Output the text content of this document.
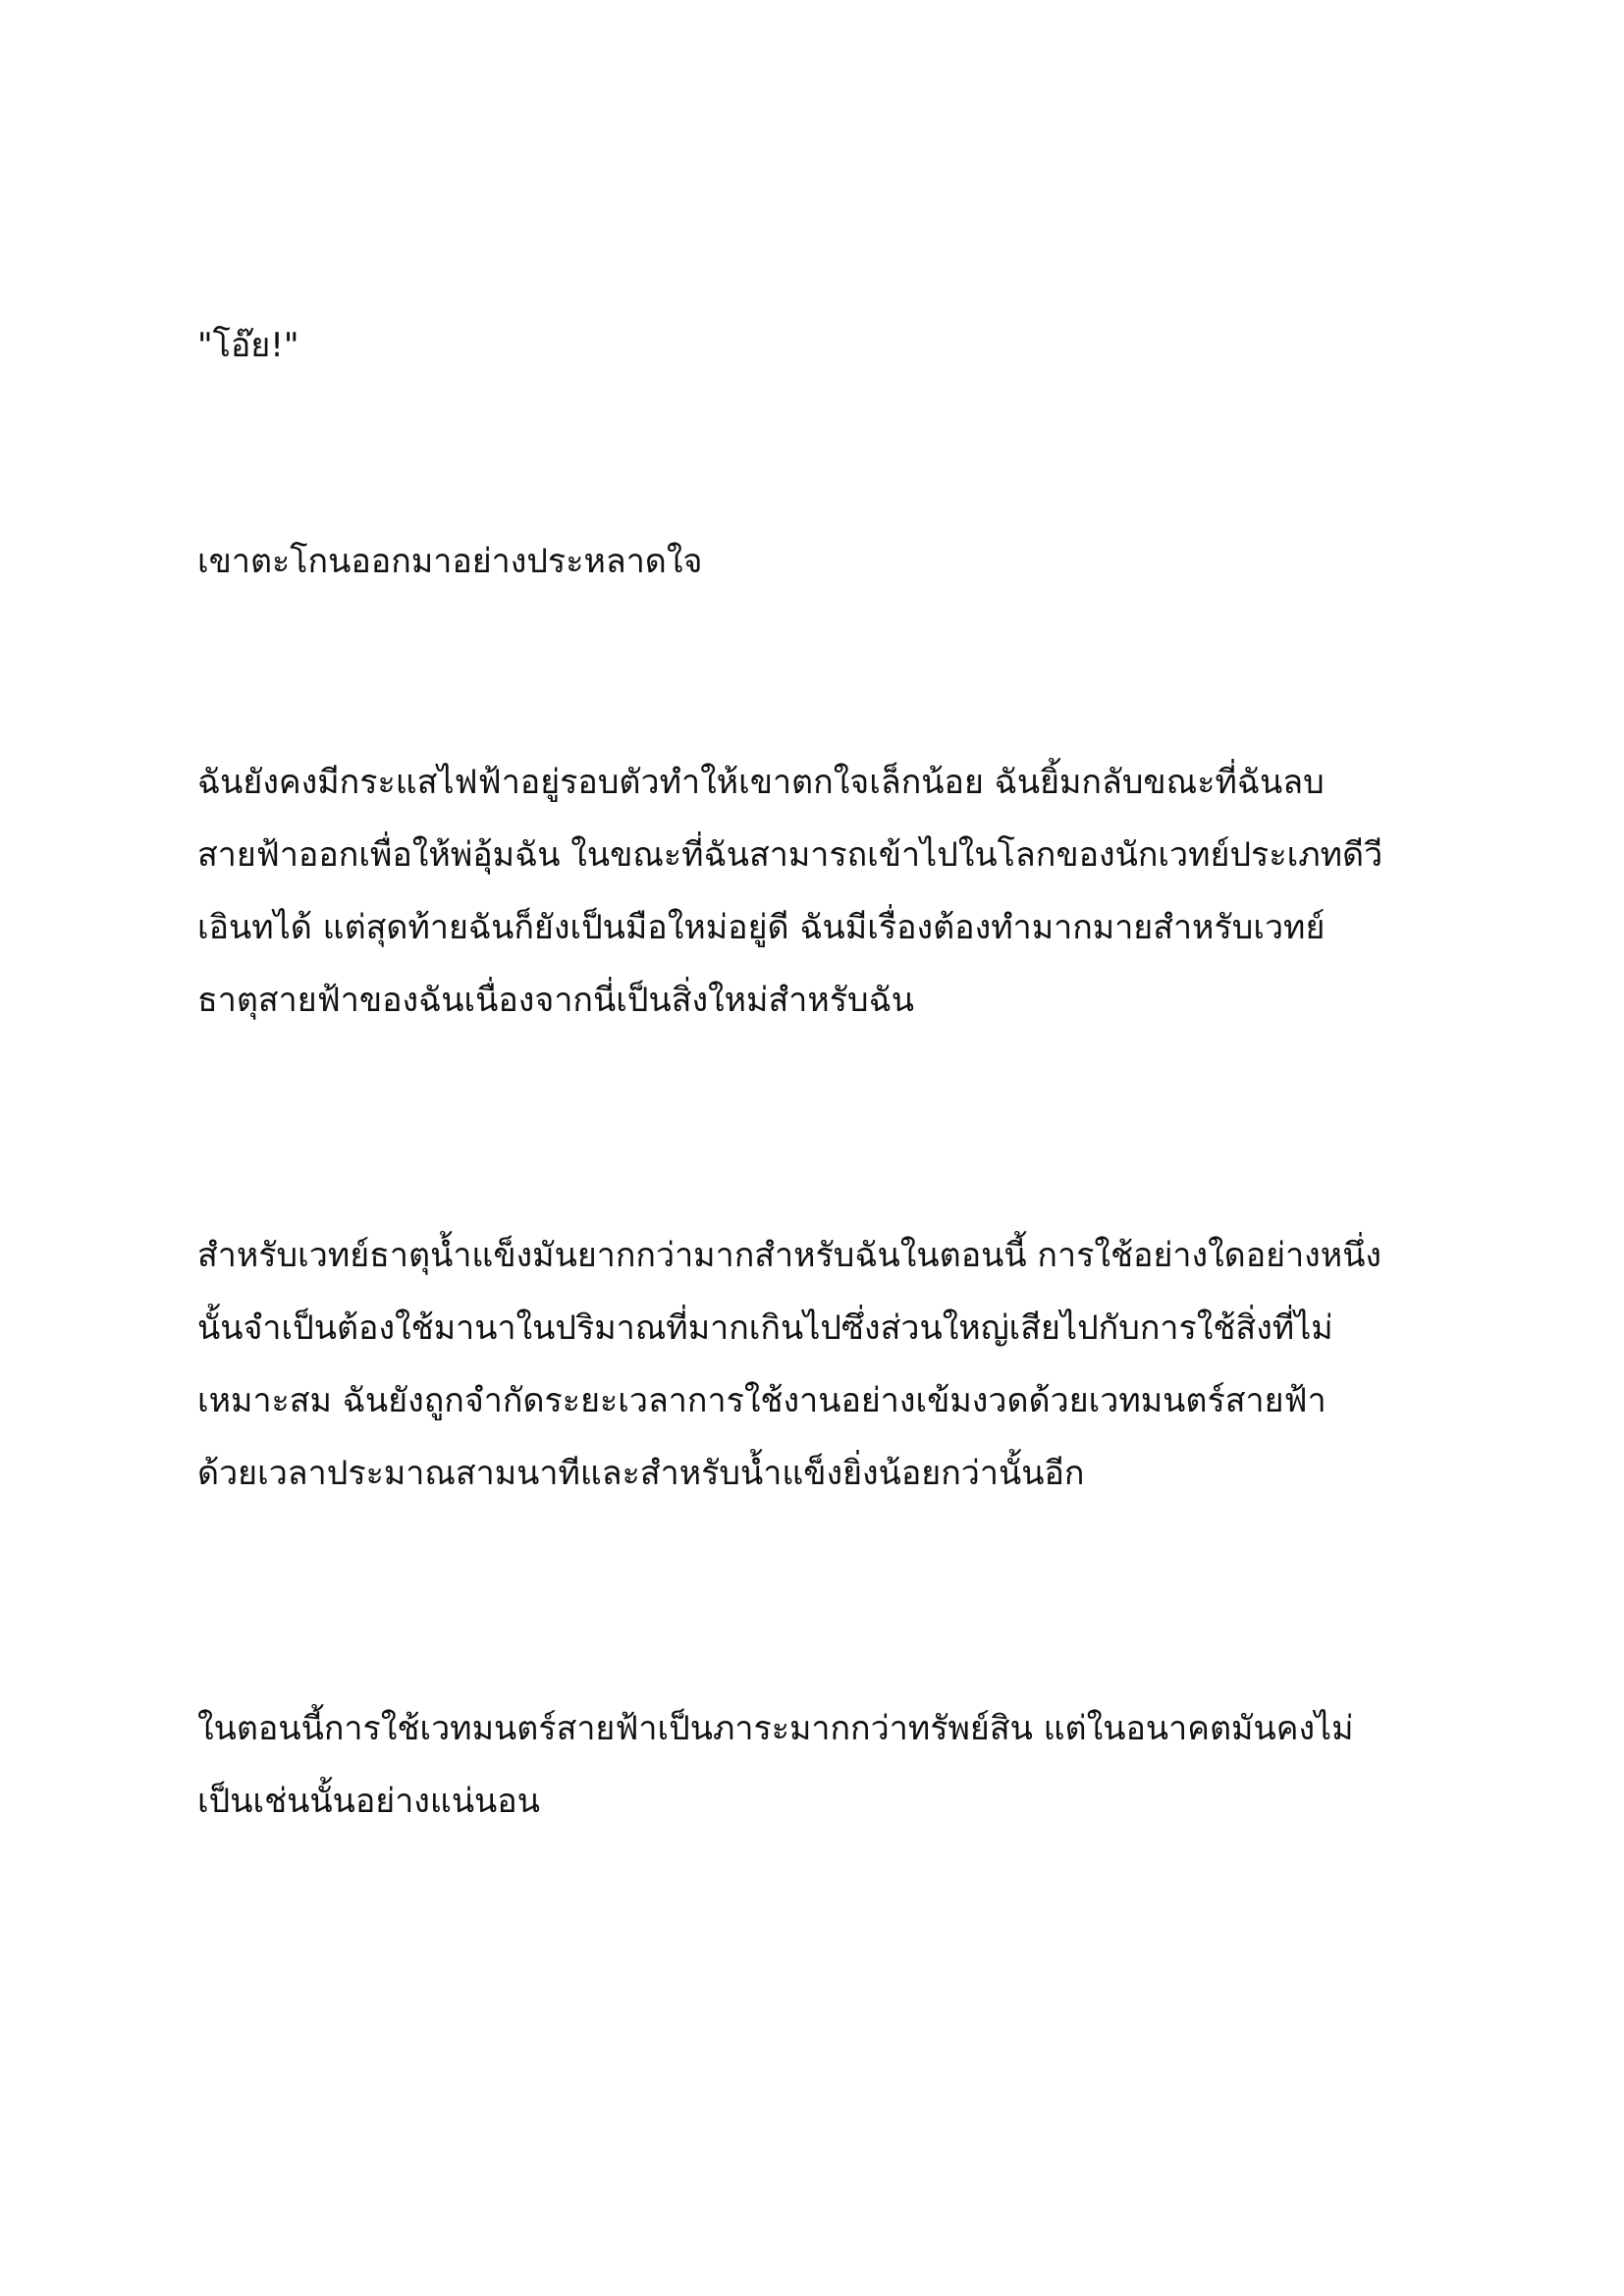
"โอ๊ย!"

เขาตะโกนออกมาอย่างประหลาดใจ

ฉันยังคงมีกระแสไฟฟ้าอยู่รอบตัวทำให้เขาตกใจเล็กน้อย ฉันยิ้มกลับขณะที่ฉันลบ
สายฟ้าออกเพื่อให้พ่อุ้มฉัน ในขณะที่ฉันสามารถเข้าไปในโลกของนักเวทย์ประเภทดีวี
เอินทได้ แต่สุดท้ายฉันก็ยังเป็นมือใหม่อยู่ดี ฉันมีเรื่องต้องทำมากมายสำหรับเวทย์
ธาตุสายฟ้าของฉันเนื่องจากนี่เป็นสิ่งใหม่สำหรับฉัน

สำหรับเวทย์ธาตุน้ำแข็งมันยากกว่ามากสำหรับฉันในตอนนี้ การใช้อย่างใดอย่างหนึ่ง
นั้นจำเป็นต้องใช้มานาในปริมาณที่มากเกินไปซึ่งส่วนใหญ่เสียไปกับการใช้สิ่งที่ไม่
เหมาะสม ฉันยังถูกจำกัดระยะเวลาการใช้งานอย่างเข้มงวดด้วยเวทมนตร์สายฟ้า
ด้วยเวลาประมาณสามนาทีและสำหรับน้ำแข็งยิ่งน้อยกว่านั้นอีก

ในตอนนี้การใช้เวทมนตร์สายฟ้าเป็นภาระมากกว่าทรัพย์สิน แต่ในอนาคตมันคงไม่
เป็นเช่นนั้นอย่างแน่นอน
